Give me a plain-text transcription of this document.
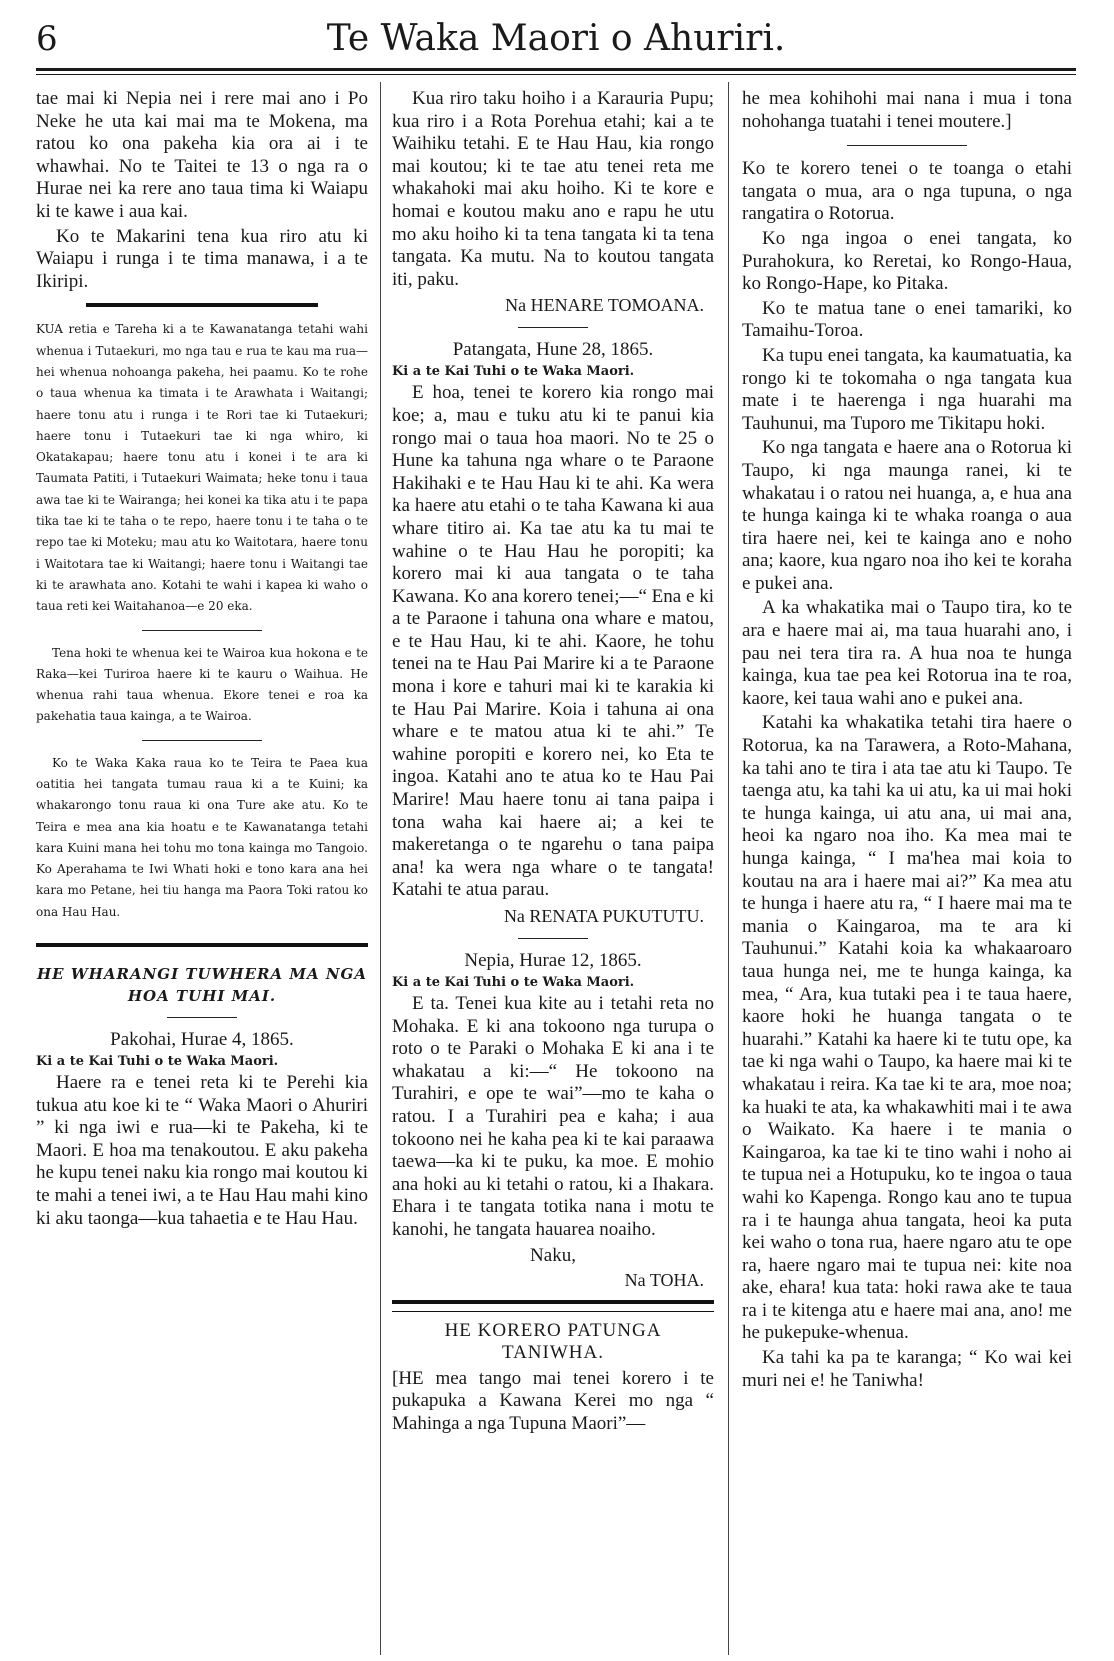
6	Te Waka Maori o Ahuriri.

tae mai ki Nepia nei i rere mai ano i Po Neke he uta kai mai ma te Mokena, ma ratou ko ona pakeha kia ora ai i te whawhai. No te Taitei te 13 o nga ra o Hurae nei ka rere ano taua tima ki Waiapu ki te kawe i aua kai.

Ko te Makarini tena kua riro atu ki Waiapu i runga i te tima manawa, i a te Ikiripi.

KUA retia e Tareha ki a te Kawanatanga tetahi wahi whenua i Tutaekuri, mo nga tau e rua te kau ma rua—hei whenua nohoanga pakeha, hei paamu. Ko te rohe o taua whenua ka timata i te Arawhata i Waitangi; haere tonu atu i runga i te Rori tae ki Tutaekuri; haere tonu i Tutaekuri tae ki nga whiro, ki Okatakapau; haere tonu atu i konei i te ara ki Taumata Patiti, i Tutaekuri Waimata; heke tonu i taua awa tae ki te Wairanga; hei konei ka tika atu i te papa tika tae ki te taha o te repo, haere tonu i te taha o te repo tae ki Moteku; mau atu ko Waitotara, haere tonu i Waitotara tae ki Waitangi; haere tonu i Waitangi tae ki te arawhata ano. Kotahi te wahi i kapea ki waho o taua reti kei Waitahanoa—e 20 eka.

Tena hoki te whenua kei te Wairoa kua hokona e te Raka—kei Turiroa haere ki te kauru o Waihua. He whenua rahi taua whenua. Ekore tenei e roa ka pakehatia taua kainga, a te Wairoa.

Ko te Waka Kaka raua ko te Teira te Paea kua oatitia hei tangata tumau raua ki a te Kuini; ka whakarongo tonu raua ki ona Ture ake atu. Ko te Teira e mea ana kia hoatu e te Kawanatanga tetahi kara Kuini mana hei tohu mo tona kainga mo Tangoio. Ko Aperahama te Iwi Whati hoki e tono kara ana hei kara mo Petane, hei tiu hanga ma Paora Toki ratou ko ona Hau Hau.

HE WHARANGI TUWHERA MA NGA HOA TUHI MAI.

Pakohai, Hurae 4, 1865.

Ki a te Kai Tuhi o te Waka Maori.

Haere ra e tenei reta ki te Perehi kia tukua atu koe ki te “ Waka Maori o Ahuriri ” ki nga iwi e rua—ki te Pakeha, ki te Maori. E hoa ma tenakoutou. E aku pakeha he kupu tenei naku kia rongo mai koutou ki te mahi a tenei iwi, a te Hau Hau mahi kino ki aku taonga—kua tahaetia e te Hau Hau.

Kua riro taku hoiho i a Karauria Pupu; kua riro i a Rota Porehua etahi; kai a te Waihiku tetahi. E te Hau Hau, kia rongo mai koutou; ki te tae atu tenei reta me whakahoki mai aku hoiho. Ki te kore e homai e koutou maku ano e rapu he utu mo aku hoiho ki ta tena tangata ki ta tena tangata. Ka mutu. Na to koutou tangata iti, paku.

Na HENARE TOMOANA.

Patangata, Hune 28, 1865.

Ki a te Kai Tuhi o te Waka Maori.

E hoa, tenei te korero kia rongo mai koe; a, mau e tuku atu ki te panui kia rongo mai o taua hoa maori. No te 25 o Hune ka tahuna nga whare o te Paraone Hakihaki e te Hau Hau ki te ahi. Ka wera ka haere atu etahi o te taha Kawana ki aua whare titiro ai. Ka tae atu ka tu mai te wahine o te Hau Hau he poropiti; ka korero mai ki aua tangata o te taha Kawana. Ko ana korero tenei;—“ Ena e ki a te Paraone i tahuna ona whare e matou, e te Hau Hau, ki te ahi. Kaore, he tohu tenei na te Hau Pai Marire ki a te Paraone mona i kore e tahuri mai ki te karakia ki te Hau Pai Marire. Koia i tahuna ai ona whare e te matou atua ki te ahi.” Te wahine poropiti e korero nei, ko Eta te ingoa. Katahi ano te atua ko te Hau Pai Marire! Mau haere tonu ai tana paipa i tona waha kai haere ai; a kei te makeretanga o te ngarehu o tana paipa ana! ka wera nga whare o te tangata! Katahi te atua parau.

Na RENATA PUKUTUTU.

Nepia, Hurae 12, 1865.

Ki a te Kai Tuhi o te Waka Maori.

E ta. Tenei kua kite au i tetahi reta no Mohaka. E ki ana tokoono nga turupa o roto o te Paraki o Mohaka E ki ana i te whakatau a ki:—“ He tokoono na Turahiri, e ope te wai”—mo te kaha o ratou. I a Turahiri pea e kaha; i aua tokoono nei he kaha pea ki te kai paraawa taewa—ka ki te puku, ka moe. E mohio ana hoki au ki tetahi o ratou, ki a Ihakara. Ehara i te tangata totika nana i motu te kanohi, he tangata hauarea noaiho.

Naku,

Na TOHA.

HE KORERO PATUNGA TANIWHA.

[HE mea tango mai tenei korero i te pukapuka a Kawana Kerei mo nga “ Mahinga a nga Tupuna Maori”—

he mea kohihohi mai nana i mua i tona nohohanga tuatahi i tenei moutere.]

Ko te korero tenei o te toanga o etahi tangata o mua, ara o nga tupuna, o nga rangatira o Rotorua.

Ko nga ingoa o enei tangata, ko Purahokura, ko Reretai, ko Rongo-Haua, ko Rongo-Hape, ko Pitaka.

Ko te matua tane o enei tamariki, ko Tamaihu-Toroa.

Ka tupu enei tangata, ka kaumatuatia, ka rongo ki te tokomaha o nga tangata kua mate i te haerenga i nga huarahi ma Tauhunui, ma Tuporo me Tikitapu hoki.

Ko nga tangata e haere ana o Rotorua ki Taupo, ki nga maunga ranei, ki te whakatau i o ratou nei huanga, a, e hua ana te hunga kainga ki te whaka roanga o aua tira haere nei, kei te kainga ano e noho ana; kaore, kua ngaro noa iho kei te koraha e pukei ana.

A ka whakatika mai o Taupo tira, ko te ara e haere mai ai, ma taua huarahi ano, i pau nei tera tira ra. A hua noa te hunga kainga, kua tae pea kei Rotorua ina te roa, kaore, kei taua wahi ano e pukei ana.

Katahi ka whakatika tetahi tira haere o Rotorua, ka na Tarawera, a Roto-Mahana, ka tahi ano te tira i ata tae atu ki Taupo. Te taenga atu, ka tahi ka ui atu, ka ui mai hoki te hunga kainga, ui atu ana, ui mai ana, heoi ka ngaro noa iho. Ka mea mai te hunga kainga, “ I ma'hea mai koia to koutau na ara i haere mai ai?” Ka mea atu te hunga i haere atu ra, “ I haere mai ma te mania o Kaingaroa, ma te ara ki Tauhunui.” Katahi koia ka whakaaroaro taua hunga nei, me te hunga kainga, ka mea, “ Ara, kua tutaki pea i te taua haere, kaore hoki he huanga tangata o te huarahi.” Katahi ka haere ki te tutu ope, ka tae ki nga wahi o Taupo, ka haere mai ki te whakatau i reira. Ka tae ki te ara, moe noa; ka huaki te ata, ka whakawhiti mai i te awa o Waikato. Ka haere i te mania o Kaingaroa, ka tae ki te tino wahi i noho ai te tupua nei a Hotupuku, ko te ingoa o taua wahi ko Kapenga. Rongo kau ano te tupua ra i te haunga ahua tangata, heoi ka puta kei waho o tona rua, haere ngaro atu te ope ra, haere ngaro mai te tupua nei: kite noa ake, ehara! kua tata: hoki rawa ake te taua ra i te kitenga atu e haere mai ana, ano! me he pukepuke-whenua.

Ka tahi ka pa te karanga; “ Ko wai kei muri nei e! he Taniwha!
